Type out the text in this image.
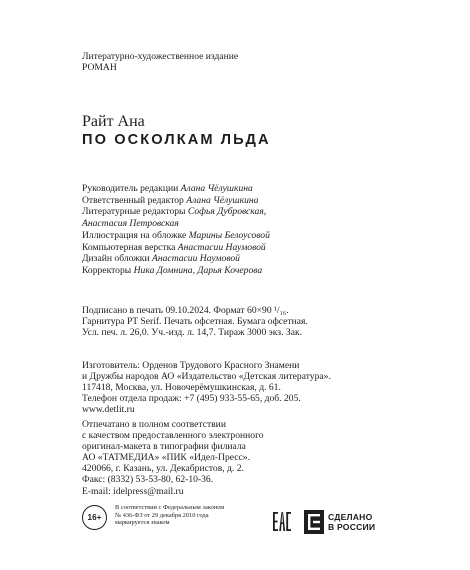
Литературно-художественное издание
РОМАН
Райт Ана
ПО ОСКОЛКАМ ЛЬДА
Руководитель редакции Алана Чёлушкина
Ответственный редактор Алана Чёлушкина
Литературные редакторы Софья Дубровская,
Анастасия Петровская
Иллюстрация на обложке Марины Белоусовой
Компьютерная верстка Анастасии Наумовой
Дизайн обложки Анастасии Наумовой
Корректоры Ника Домнина, Дарья Кочерова
Подписано в печать 09.10.2024. Формат 60×90 ¹/₁₆.
Гарнитура PT Serif. Печать офсетная. Бумага офсетная.
Усл. печ. л. 26,0. Уч.-изд. л. 14,7. Тираж 3000 экз. Зак.
Изготовитель: Орденов Трудового Красного Знамени
и Дружбы народов АО «Издательство «Детская литература».
117418, Москва, ул. Новочерёмушкинская, д. 61.
Телефон отдела продаж: +7 (495) 933-55-65, доб. 205.
www.detlit.ru
Отпечатано в полном соответствии
с качеством предоставленного электронного
оригинал-макета в типографии филиала
АО «ТАТМЕДИА» «ПИК «Идел-Пресс».
420066, г. Казань, ул. Декабристов, д. 2.
Факс: (8332) 53-53-80, 62-10-36.
E-mail: idelpress@mail.ru
16+
В соответствии с Федеральным законом
№ 436-ФЗ от 29 декабря 2010 года
маркируется знаком
СДЕЛАНО
В РОССИИ
